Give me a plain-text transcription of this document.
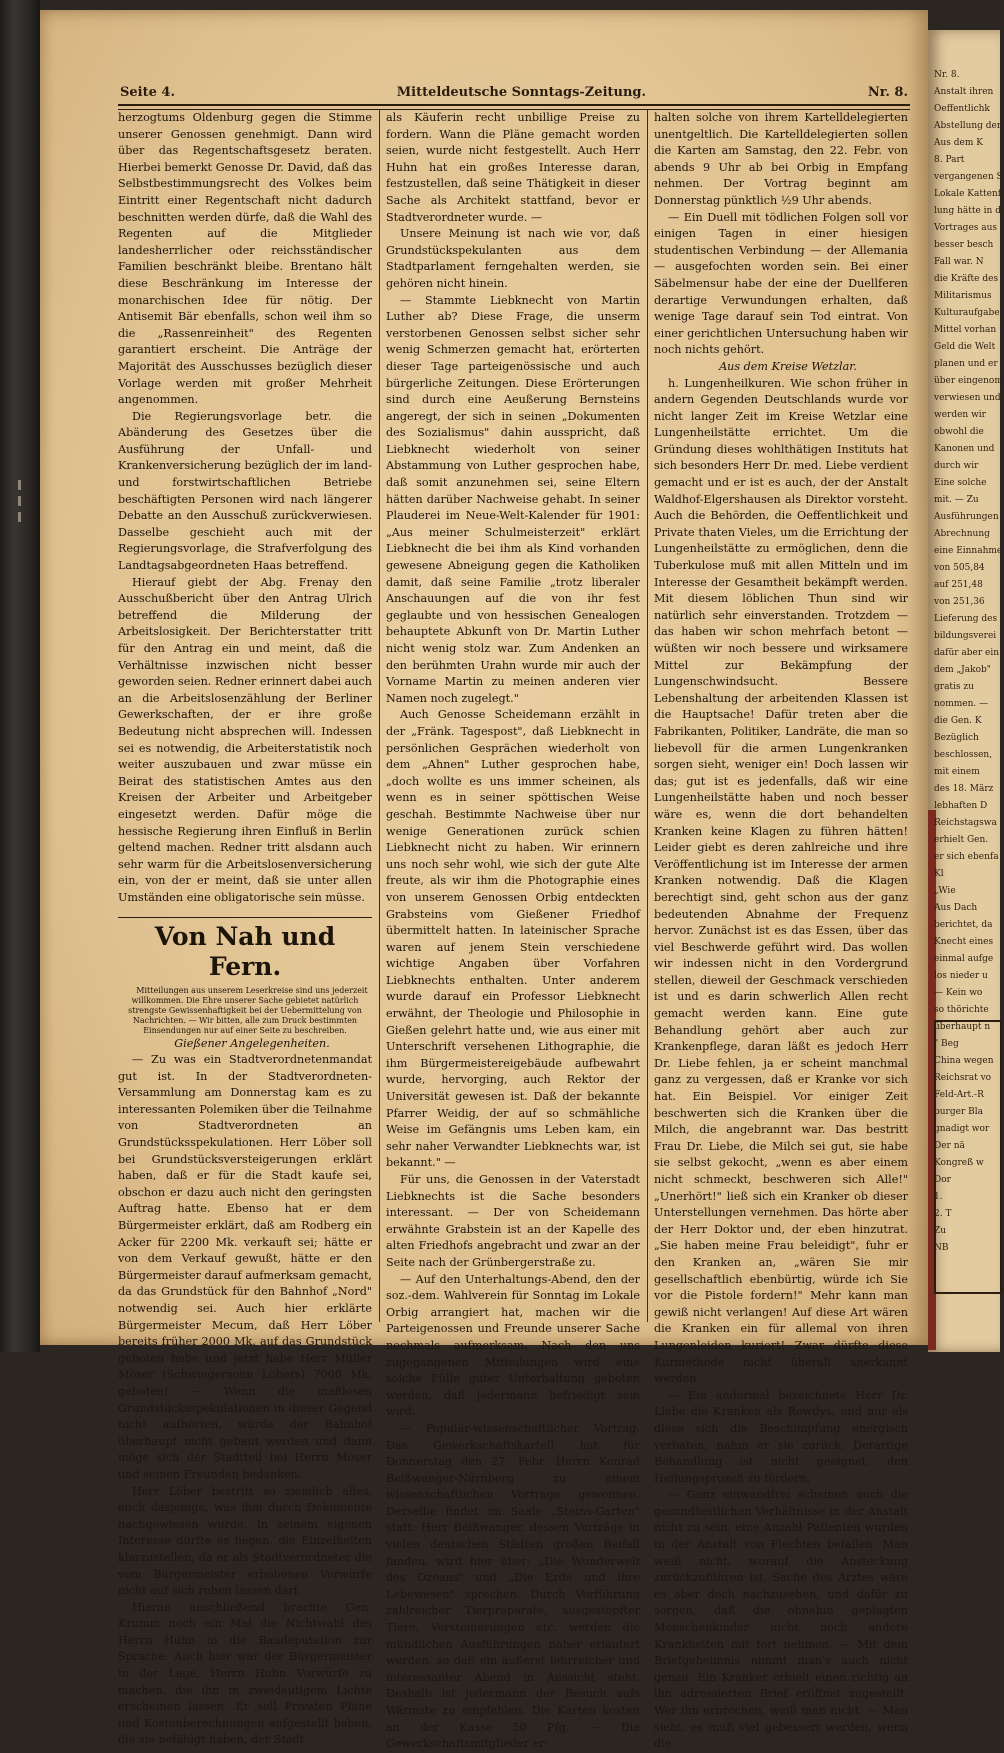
Seite 4.	Mitteldeutsche Sonntags-Zeitung.	Nr. 8.

herzogtums Oldenburg gegen die Stimme unserer Genossen genehmigt. Dann wird über das Regentschaftsgesetz beraten. Hierbei bemerkt Genosse Dr. David, daß das Selbstbestimmungsrecht des Volkes beim Eintritt einer Regentschaft nicht dadurch beschnitten werden dürfe, daß die Wahl des Regenten auf die Mitglieder landesherrlicher oder reichsständischer Familien beschränkt bleibe. Brentano hält diese Beschränkung im Interesse der monarchischen Idee für nötig. Der Antisemit Bär ebenfalls, schon weil ihm so die „Rassenreinheit" des Regenten garantiert erscheint. Die Anträge der Majorität des Ausschusses bezüglich dieser Vorlage werden mit großer Mehrheit angenommen.

Die Regierungsvorlage betr. die Abänderung des Gesetzes über die Ausführung der Unfall- und Krankenversicherung bezüglich der im land- und forstwirtschaftlichen Betriebe beschäftigten Personen wird nach längerer Debatte an den Ausschuß zurückverwiesen. Dasselbe geschieht auch mit der Regierungsvorlage, die Strafverfolgung des Landtagsabgeordneten Haas betreffend.

Hierauf giebt der Abg. Frenay den Ausschußbericht über den Antrag Ulrich betreffend die Milderung der Arbeitslosigkeit. Der Berichterstatter tritt für den Antrag ein und meint, daß die Verhältnisse inzwischen nicht besser geworden seien. Redner erinnert dabei auch an die Arbeitslosenzählung der Berliner Gewerkschaften, der er ihre große Bedeutung nicht absprechen will. Indessen sei es notwendig, die Arbeiterstatistik noch weiter auszubauen und zwar müsse ein Beirat des statistischen Amtes aus den Kreisen der Arbeiter und Arbeitgeber eingesetzt werden. Dafür möge die hessische Regierung ihren Einfluß in Berlin geltend machen. Redner tritt alsdann auch sehr warm für die Arbeitslosenversicherung ein, von der er meint, daß sie unter allen Umständen eine obligatorische sein müsse.

Von Nah und Fern.

Mitteilungen aus unserem Leserkreise sind uns jederzeit willkommen. Die Ehre unserer Sache gebietet natürlich strengste Gewissenhaftigkeit bei der Uebermittelung von Nachrichten. — Wir bitten, alle zum Druck bestimmten Einsendungen nur auf einer Seite zu beschreiben.

Gießener Angelegenheiten.

— Zu was ein Stadtverordnetenmandat gut ist. In der Stadtverordneten-Versammlung am Donnerstag kam es zu interessanten Polemiken über die Teilnahme von Stadtverordneten an Grundstücksspekulationen. Herr Löber soll bei Grundstücksversteigerungen erklärt haben, daß er für die Stadt kaufe sei, obschon er dazu auch nicht den geringsten Auftrag hatte. Ebenso hat er dem Bürgermeister erklärt, daß am Rodberg ein Acker für 2200 Mk. verkauft sei; hätte er von dem Verkauf gewußt, hätte er den Bürgermeister darauf aufmerksam gemacht, da das Grundstück für den Bahnhof „Nord" notwendig sei. Auch hier erklärte Bürgermeister Mecum, daß Herr Löber bereits früher 2000 Mk. auf das Grundstück geboten habe und jetzt habe Herr Müller Möser (Schwiegersohn Löbers) 7000 Mk. geboten! — Wenn die maßlosen Grundstücksspekulationen in dieser Gegend nicht aufhörten, würde der Bahnhof überhaupt nicht gebaut werden und dann möge sich der Stadtteil bei Herrn Möser und seinen Freunden bedanken.

Herr Löber bestritt so ziemlich alles, auch dasjenige, was ihm durch Dokumente nachgewiesen wurde. In seinem eigenen Interesse dürfte es liegen, die Einzelheiten klarzustellen, da er als Stadtverordneter die vom Bürgermeister erhobenen Vorwürfe nicht auf sich ruhen lassen darf.

Hieran anschließend brachte Gen. Krumm noch ein Mal die Nichtwahl des Herrn Huhn in die Baudeputation zur Sprache. Auch hier war der Bürgermeister in der Lage, Herrn Huhn Vorwürfe zu machen, die ihn in zweideutigem Lichte erscheinen lassen. Er soll Privaten Pläne und Kostenberechnungen aufgestellt haben, die sie befähigt haben, der Stadt

als Käuferin recht unbillige Preise zu fordern. Wann die Pläne gemacht worden seien, wurde nicht festgestellt. Auch Herr Huhn hat ein großes Interesse daran, festzustellen, daß seine Thätigkeit in dieser Sache als Architekt stattfand, bevor er Stadtverordneter wurde. —

Unsere Meinung ist nach wie vor, daß Grundstückspekulanten aus dem Stadtparlament ferngehalten werden, sie gehören nicht hinein.

— Stammte Liebknecht von Martin Luther ab? Diese Frage, die unserm verstorbenen Genossen selbst sicher sehr wenig Schmerzen gemacht hat, erörterten dieser Tage parteigenössische und auch bürgerliche Zeitungen. Diese Erörterungen sind durch eine Aeußerung Bernsteins angeregt, der sich in seinen „Dokumenten des Sozialismus" dahin ausspricht, daß Liebknecht wiederholt von seiner Abstammung von Luther gesprochen habe, daß somit anzunehmen sei, seine Eltern hätten darüber Nachweise gehabt. In seiner Plauderei im Neue-Welt-Kalender für 1901: „Aus meiner Schulmeisterzeit" erklärt Liebknecht die bei ihm als Kind vorhanden gewesene Abneigung gegen die Katholiken damit, daß seine Familie „trotz liberaler Anschauungen auf die von ihr fest geglaubte und von hessischen Genealogen behauptete Abkunft von Dr. Martin Luther nicht wenig stolz war. Zum Andenken an den berühmten Urahn wurde mir auch der Vorname Martin zu meinen anderen vier Namen noch zugelegt."

Auch Genosse Scheidemann erzählt in der „Fränk. Tagespost", daß Liebknecht in persönlichen Gesprächen wiederholt von dem „Ahnen" Luther gesprochen habe, „doch wollte es uns immer scheinen, als wenn es in seiner spöttischen Weise geschah. Bestimmte Nachweise über nur wenige Generationen zurück schien Liebknecht nicht zu haben. Wir erinnern uns noch sehr wohl, wie sich der gute Alte freute, als wir ihm die Photographie eines von unserem Genossen Orbig entdeckten Grabsteins vom Gießener Friedhof übermittelt hatten. In lateinischer Sprache waren auf jenem Stein verschiedene wichtige Angaben über Vorfahren Liebknechts enthalten. Unter anderem wurde darauf ein Professor Liebknecht erwähnt, der Theologie und Philosophie in Gießen gelehrt hatte und, wie aus einer mit Unterschrift versehenen Lithographie, die ihm Bürgermeistereigebäude aufbewahrt wurde, hervorging, auch Rektor der Universität gewesen ist. Daß der bekannte Pfarrer Weidig, der auf so schmähliche Weise im Gefängnis ums Leben kam, ein sehr naher Verwandter Liebknechts war, ist bekannt." —

Für uns, die Genossen in der Vaterstadt Liebknechts ist die Sache besonders interessant. — Der von Scheidemann erwähnte Grabstein ist an der Kapelle des alten Friedhofs angebracht und zwar an der Seite nach der Grünbergerstraße zu.

— Auf den Unterhaltungs-Abend, den der soz.-dem. Wahlverein für Sonntag im Lokale Orbig arrangiert hat, machen wir die Parteigenossen und Freunde unserer Sache nochmals aufmerksam. Nach den uns zugegangenen Mitteilungen wird eine solche Fülle guter Unterhaltung geboten werden, daß jedermann befriedigt sein wird.

— Populär-wissenschaftlicher Vortrag. Das Gewerkschaftskartell hat für Donnerstag den 27. Febr. Herrn Konrad Beißwanger-Nürnberg zu einem wissenschaftlichen Vortrage gewonnen. Derselbe findet im Saale „Steins-Garten" statt: Herr Beißwanger, dessen Vorträge in vielen deutschen Städten großen Beifall fanden, wird hier über: „Die Wunderwelt des Ozeans" und „Die Erde und ihre Lebewesen" sprechen. Durch Vorführung zahlreicher Tierpräparate, ausgestopfter Tiere, Versteinerungen etc. werden die mündlichen Ausführungen näher erläutert werden, so daß ein äußerst lehrreicher und interessanter Abend in Aussicht steht. Deshalb ist jedermann der Besuch aufs Wärmste zu empfehlen. Die Karten kosten an der Kasse 50 Pfg. — Die Gewerkschaftsmitglieder er-

halten solche von ihrem Kartelldelegierten unentgeltlich. Die Kartelldelegierten sollen die Karten am Samstag, den 22. Febr. von abends 9 Uhr ab bei Orbig in Empfang nehmen. Der Vortrag beginnt am Donnerstag pünktlich ½9 Uhr abends.

— Ein Duell mit tödlichen Folgen soll vor einigen Tagen in einer hiesigen studentischen Verbindung — der Allemania — ausgefochten worden sein. Bei einer Säbelmensur habe der eine der Duellferen derartige Verwundungen erhalten, daß wenige Tage darauf sein Tod eintrat. Von einer gerichtlichen Untersuchung haben wir noch nichts gehört.

Aus dem Kreise Wetzlar.

h. Lungenheilkuren. Wie schon früher in andern Gegenden Deutschlands wurde vor nicht langer Zeit im Kreise Wetzlar eine Lungenheilstätte errichtet. Um die Gründung dieses wohlthätigen Instituts hat sich besonders Herr Dr. med. Liebe verdient gemacht und er ist es auch, der der Anstalt Waldhof-Elgershausen als Direktor vorsteht. Auch die Behörden, die Oeffentlichkeit und Private thaten Vieles, um die Errichtung der Lungenheilstätte zu ermöglichen, denn die Tuberkulose muß mit allen Mitteln und im Interesse der Gesamtheit bekämpft werden. Mit diesem löblichen Thun sind wir natürlich sehr einverstanden. Trotzdem — das haben wir schon mehrfach betont — wüßten wir noch bessere und wirksamere Mittel zur Bekämpfung der Lungenschwindsucht. Bessere Lebenshaltung der arbeitenden Klassen ist die Hauptsache! Dafür treten aber die Fabrikanten, Politiker, Landräte, die man so liebevoll für die armen Lungenkranken sorgen sieht, weniger ein! Doch lassen wir das; gut ist es jedenfalls, daß wir eine Lungenheilstätte haben und noch besser wäre es, wenn die dort behandelten Kranken keine Klagen zu führen hätten! Leider giebt es deren zahlreiche und ihre Veröffentlichung ist im Interesse der armen Kranken notwendig. Daß die Klagen berechtigt sind, geht schon aus der ganz bedeutenden Abnahme der Frequenz hervor. Zunächst ist es das Essen, über das viel Beschwerde geführt wird. Das wollen wir indessen nicht in den Vordergrund stellen, dieweil der Geschmack verschieden ist und es darin schwerlich Allen recht gemacht werden kann. Eine gute Behandlung gehört aber auch zur Krankenpflege, daran läßt es jedoch Herr Dr. Liebe fehlen, ja er scheint manchmal ganz zu vergessen, daß er Kranke vor sich hat. Ein Beispiel. Vor einiger Zeit beschwerten sich die Kranken über die Milch, die angebrannt war. Das bestritt Frau Dr. Liebe, die Milch sei gut, sie habe sie selbst gekocht, „wenn es aber einem nicht schmeckt, beschweren sich Alle!" „Unerhört!" ließ sich ein Kranker ob dieser Unterstellungen vernehmen. Das hörte aber der Herr Doktor und, der eben hinzutrat. „Sie haben meine Frau beleidigt", fuhr er den Kranken an, „wären Sie mir gesellschaftlich ebenbürtig, würde ich Sie vor die Pistole fordern!" Mehr kann man gewiß nicht verlangen! Auf diese Art wären die Kranken ein für allemal von ihren Lungenleiden kuriert! Zwar dürfte diese Kurmethode nicht überall anerkannt werden.

— Ein andermal bezeichnete Herr Dr. Liebe die Kranken als Rowdys, und nur als diese sich die Beschimpfung energisch verbaten, nahm er sie zurück. Derartige Behandlung ist nicht geeignet, den Heilungsprozeß zu fördern.

— Ganz einwandfrei scheinen auch die gesundheitlichen Verhältnisse in der Anstalt nicht zu sein, eine Anzahl Patienten wurden in der Anstalt von Flechten befallen. Man weiß nicht, worauf die Ansteckung zurückzuführen ist, Sache des Arztes wäre es aber doch nachzusehen, und dafür zu sorgen, daß die ohnehin geplagten Menschenkinder nicht noch andere Krankheiten mit fort nehmen. — Mit dem Briefgeheimnis nimmt man's auch nicht genau. Ein Kranker erhielt einen richtig an ihn adressierten Brief eröffnet zugestellt. Wer ihn erbrochen, weiß man nicht. — Man sieht, es muß viel gebessert werden, wenn die

Nr. 8.
Anstalt ihren
Oeffentlichk
Abstellung der
Aus dem K
8. Part
vergangenen S
Lokale Kattenf
lung hätte in d
Vortrages aus
besser besch
Fall war. N
die Kräfte des
Militarismus
Kulturaufgabe
Mittel vorhan
Geld die Welt
planen und er
über eingenom
verwiesen und
werden wir
obwohl die
Kanonen und
durch wir
Eine solche
mit. — Zu
Ausführungen
Abrechnung
eine Einnahme
von 505,84
auf 251,48
von 251,36
Lieferung des
bildungsverei
dafür aber ein
dem „Jakob"
gratis zu
nommen. —
die Gen. K
Bezüglich
beschlossen,
mit einem
des 18. März
lebhaften D
Reichstagswa
erhielt Gen.
er sich ebenfa
Kl
„Wie
Aus Dach
berichtet, da
Knecht eines
einmal aufge
los nieder u
— Kein wo
so thörichte
überhaupt n
" Beg
China wegen
Reichsrat vo
Feld-Art.-R
burger Bla
gnadigt wor
Der nä
Kongreß w
Dor
1.
2. T
Zu
NB
